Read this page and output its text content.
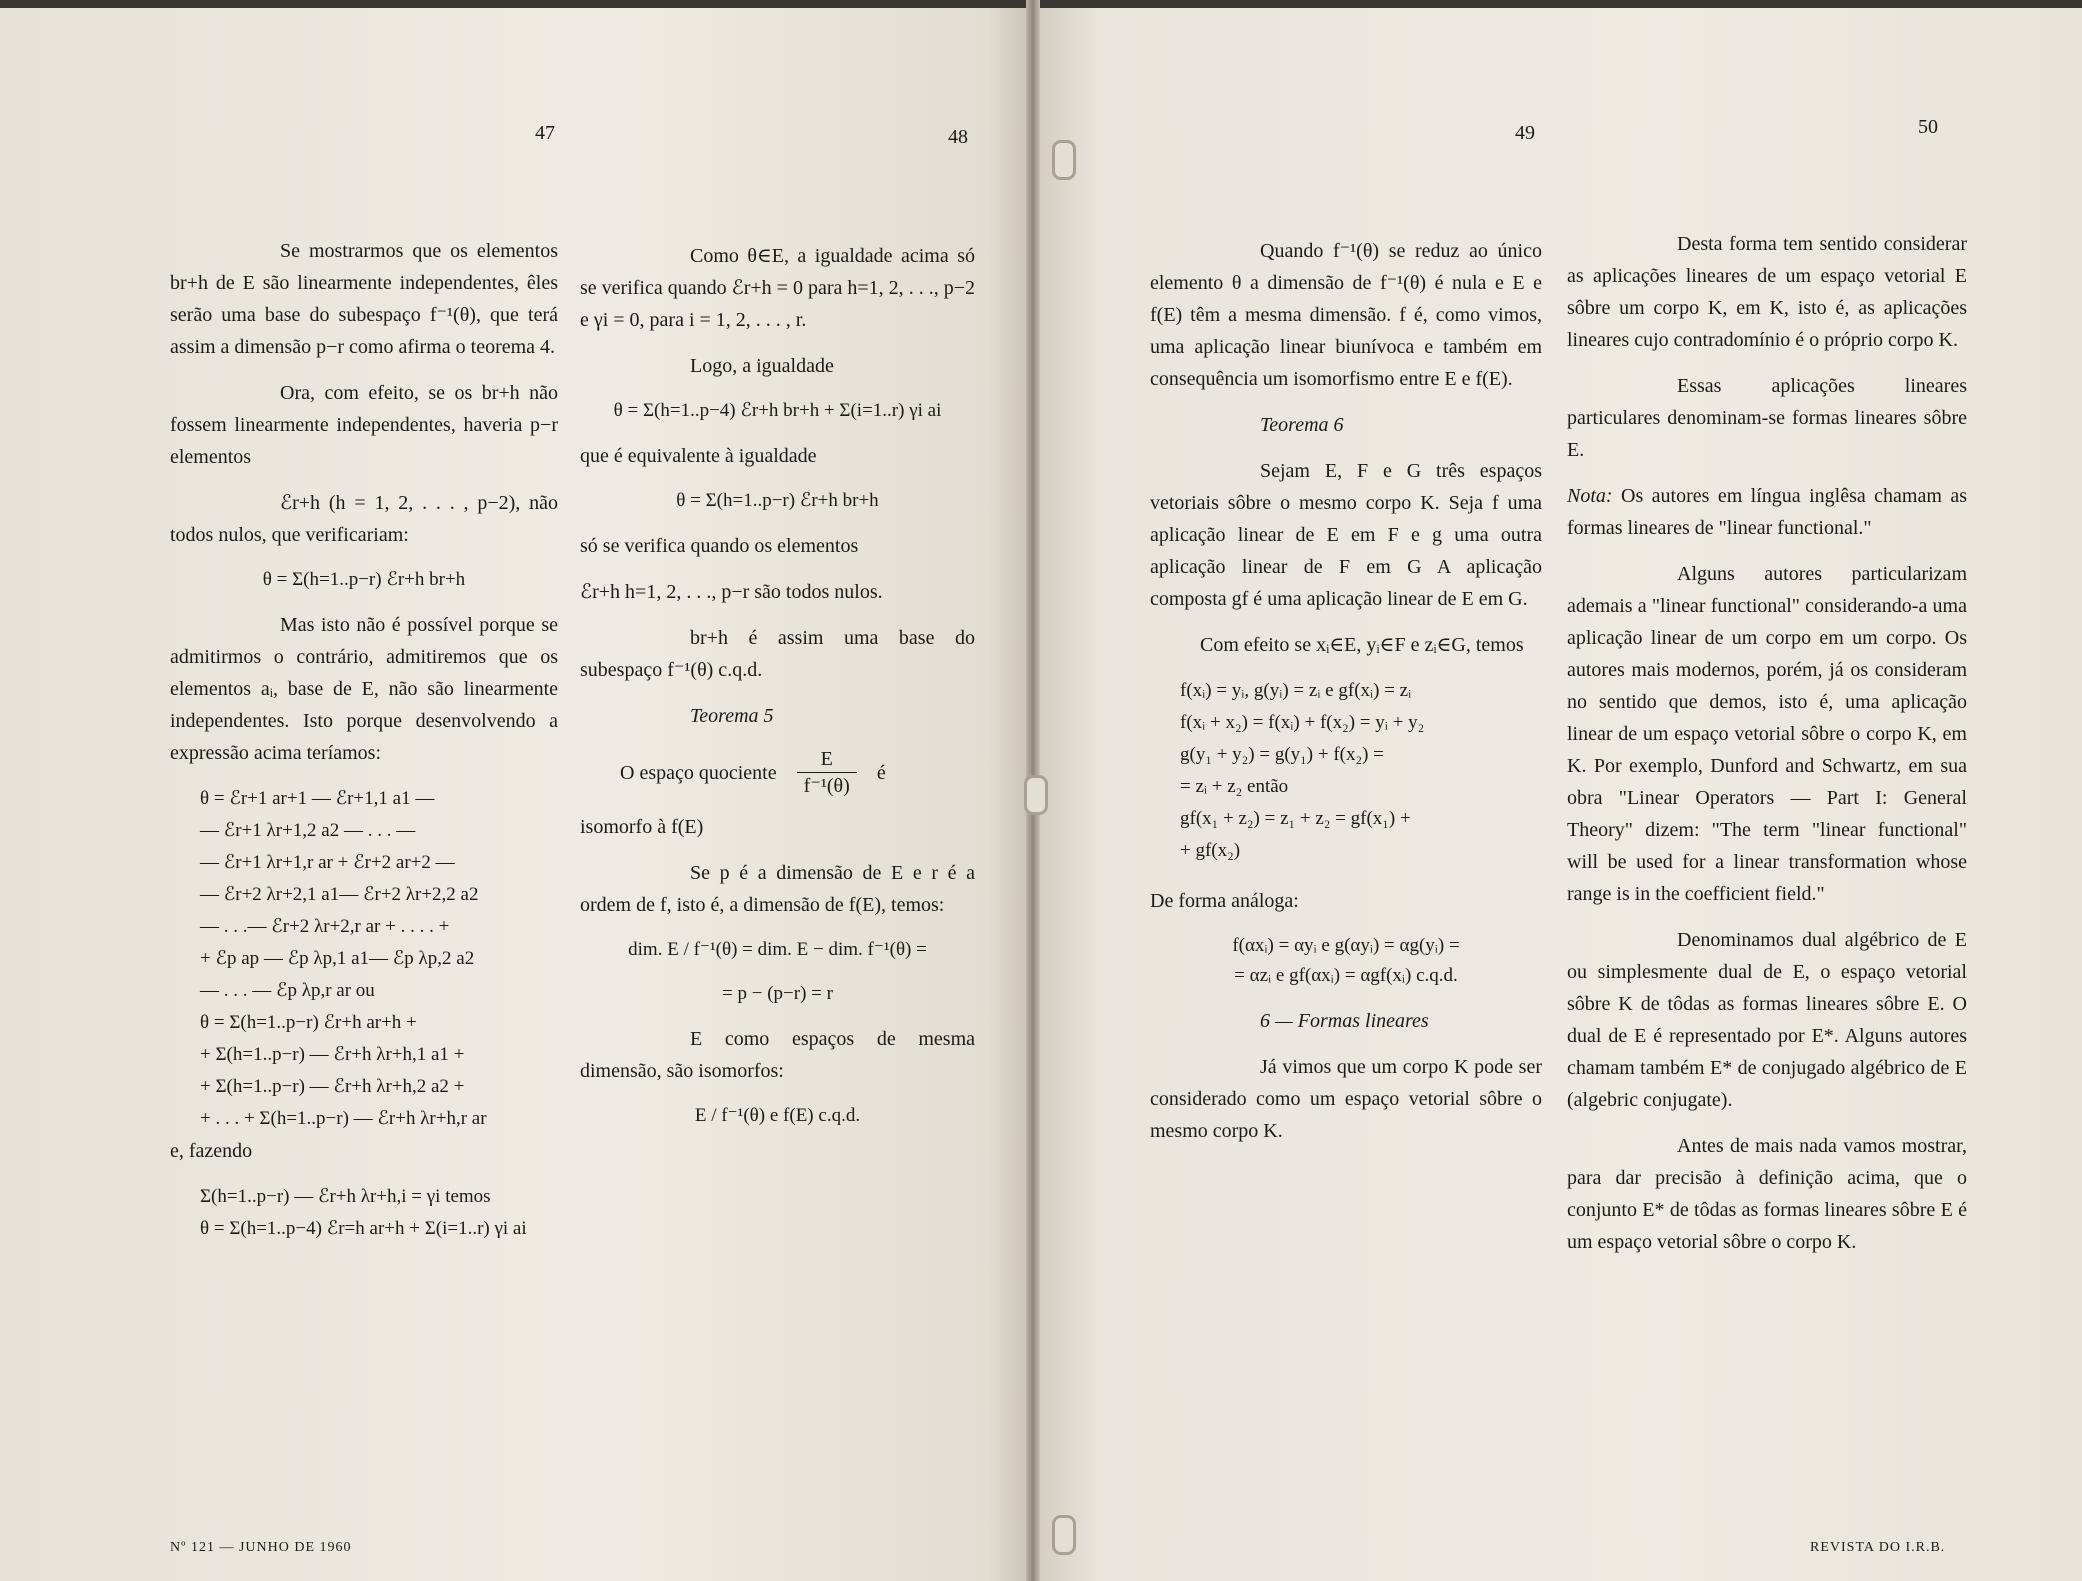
47

Se mostrarmos que os elementos br+h de E são linearmente independentes, êles serão uma base do subespaço f⁻¹(θ), que terá assim a dimensão p−r como afirma o teorema 4.

Ora, com efeito, se os br+h não fossem linearmente independentes, haveria p−r elementos

ℰr+h (h = 1, 2, . . . , p−2), não todos nulos, que verificariam:

θ = Σ(h=1..p−r) ℰr+h br+h

Mas isto não é possível porque se admitirmos o contrário, admitiremos que os elementos aᵢ, base de E, não são linearmente independentes. Isto porque desenvolvendo a expressão acima teríamos:

θ = ℰr+1 ar+1 — ℰr+1,1 a1 —
— ℰr+1 λr+1,2 a2 — . . . —
— ℰr+1 λr+1,r ar + ℰr+2 ar+2 —
— ℰr+2 λr+2,1 a1— ℰr+2 λr+2,2 a2
— . . .— ℰr+2 λr+2,r ar + . . . . +
+ ℰp ap — ℰp λp,1 a1— ℰp λp,2 a2
— . . . — ℰp λp,r ar ou
θ = Σ(h=1..p−r) ℰr+h ar+h +
+ Σ(h=1..p−r) — ℰr+h λr+h,1 a1 +
+ Σ(h=1..p−r) — ℰr+h λr+h,2 a2 +
+ . . . + Σ(h=1..p−r) — ℰr+h λr+h,r ar

e, fazendo

Σ(h=1..p−r) — ℰr+h λr+h,i = γi temos
θ = Σ(h=1..p−4) ℰr=h ar+h + Σ(i=1..r) γi ai
Nº 121 — JUNHO DE 1960
48

Como θ∈E, a igualdade acima só se verifica quando ℰr+h = 0 para h=1, 2, . . ., p−2 e γi = 0, para i = 1, 2, . . . , r.

Logo, a igualdade

θ = Σ(h=1..p−4) ℰr+h br+h + Σ(i=1..r) γi ai

que é equivalente à igualdade

θ = Σ(h=1..p−r) ℰr+h br+h

só se verifica quando os elementos

ℰr+h h=1, 2, . . ., p−r são todos nulos.

br+h é assim uma base do subespaço f⁻¹(θ) c.q.d.

Teorema 5

O espaço quociente $\frac{E}{\text{f⁻¹(θ)}}$ é

isomorfo à f(E)

Se p é a dimensão de E e r é a ordem de f, isto é, a dimensão de f(E), temos:

dim. E / f⁻¹(θ) = dim. E − dim. f⁻¹(θ) =
= p − (p−r) = r

E como espaços de mesma dimensão, são isomorfos:

E / f⁻¹(θ) e f(E) c.q.d.
49

Quando f⁻¹(θ) se reduz ao único elemento θ a dimensão de f⁻¹(θ) é nula e E e f(E) têm a mesma dimensão. f é, como vimos, uma aplicação linear biunívoca e também em consequência um isomorfismo entre E e f(E).

Teorema 6

Sejam E, F e G três espaços vetoriais sôbre o mesmo corpo K. Seja f uma aplicação linear de E em F e g uma outra aplicação linear de F em G A aplicação composta gf é uma aplicação linear de E em G.

Com efeito se xᵢ∈E, yᵢ∈F e zᵢ∈G, temos

f(xᵢ) = yᵢ, g(yᵢ) = zᵢ e gf(xᵢ) = zᵢ
f(xᵢ + x₂) = f(xᵢ) + f(x₂) = yᵢ + y₂
g(y₁ + y₂) = g(y₁) + f(x₂) =
= zᵢ + z₂ então
gf(x₁ + z₂) = z₁ + z₂ = gf(x₁) +
+ gf(x₂)

De forma análoga:

f(αxᵢ) = αyᵢ e g(αyᵢ) = αg(yᵢ) =
= αzᵢ e gf(αxᵢ) = αgf(xᵢ) c.q.d.

6 — Formas lineares

Já vimos que um corpo K pode ser considerado como um espaço vetorial sôbre o mesmo corpo K.

50

Desta forma tem sentido considerar as aplicações lineares de um espaço vetorial E sôbre um corpo K, em K, isto é, as aplicações lineares cujo contradomínio é o próprio corpo K.

Essas aplicações lineares particulares denominam-se formas lineares sôbre E.

Nota: Os autores em língua inglêsa chamam as formas lineares de "linear functional."

Alguns autores particularizam ademais a "linear functional" considerando-a uma aplicação linear de um corpo em um corpo. Os autores mais modernos, porém, já os consideram no sentido que demos, isto é, uma aplicação linear de um espaço vetorial sôbre o corpo K, em K. Por exemplo, Dunford and Schwartz, em sua obra "Linear Operators — Part I: General Theory" dizem: "The term "linear functional" will be used for a linear transformation whose range is in the coefficient field."

Denominamos dual algébrico de E ou simplesmente dual de E, o espaço vetorial sôbre K de tôdas as formas lineares sôbre E. O dual de E é representado por E*. Alguns autores chamam também E* de conjugado algébrico de E (algebric conjugate).

Antes de mais nada vamos mostrar, para dar precisão à definição acima, que o conjunto E* de tôdas as formas lineares sôbre E é um espaço vetorial sôbre o corpo K.

REVISTA DO I.R.B.
